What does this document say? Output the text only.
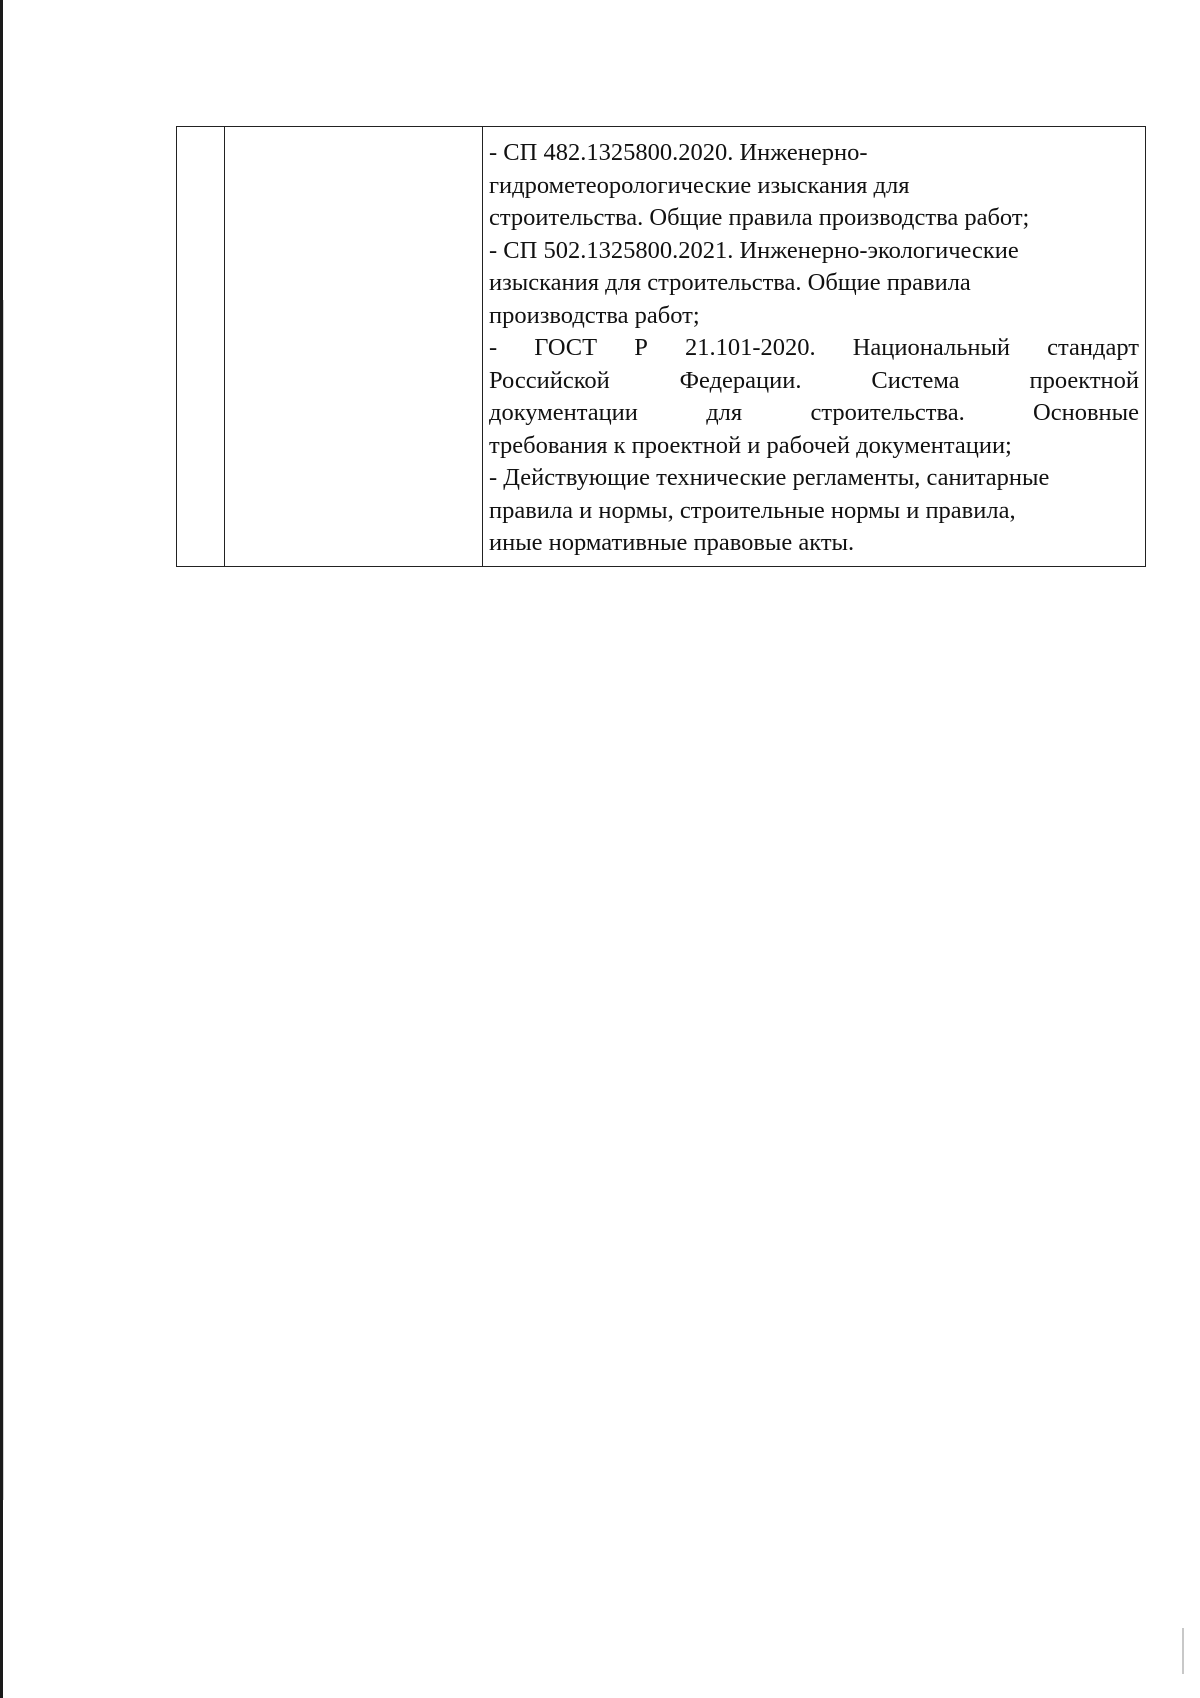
- СП 482.1325800.2020. Инженерно-
гидрометеорологические изыскания для
строительства. Общие правила производства работ;
- СП 502.1325800.2021. Инженерно-экологические
изыскания для строительства. Общие правила
производства работ;
- ГОСТ Р 21.101-2020. Национальный стандарт
Российской Федерации. Система проектной
документации для строительства. Основные
требования к проектной и рабочей документации;
- Действующие технические регламенты, санитарные
правила и нормы, строительные нормы и правила,
иные нормативные правовые акты.
